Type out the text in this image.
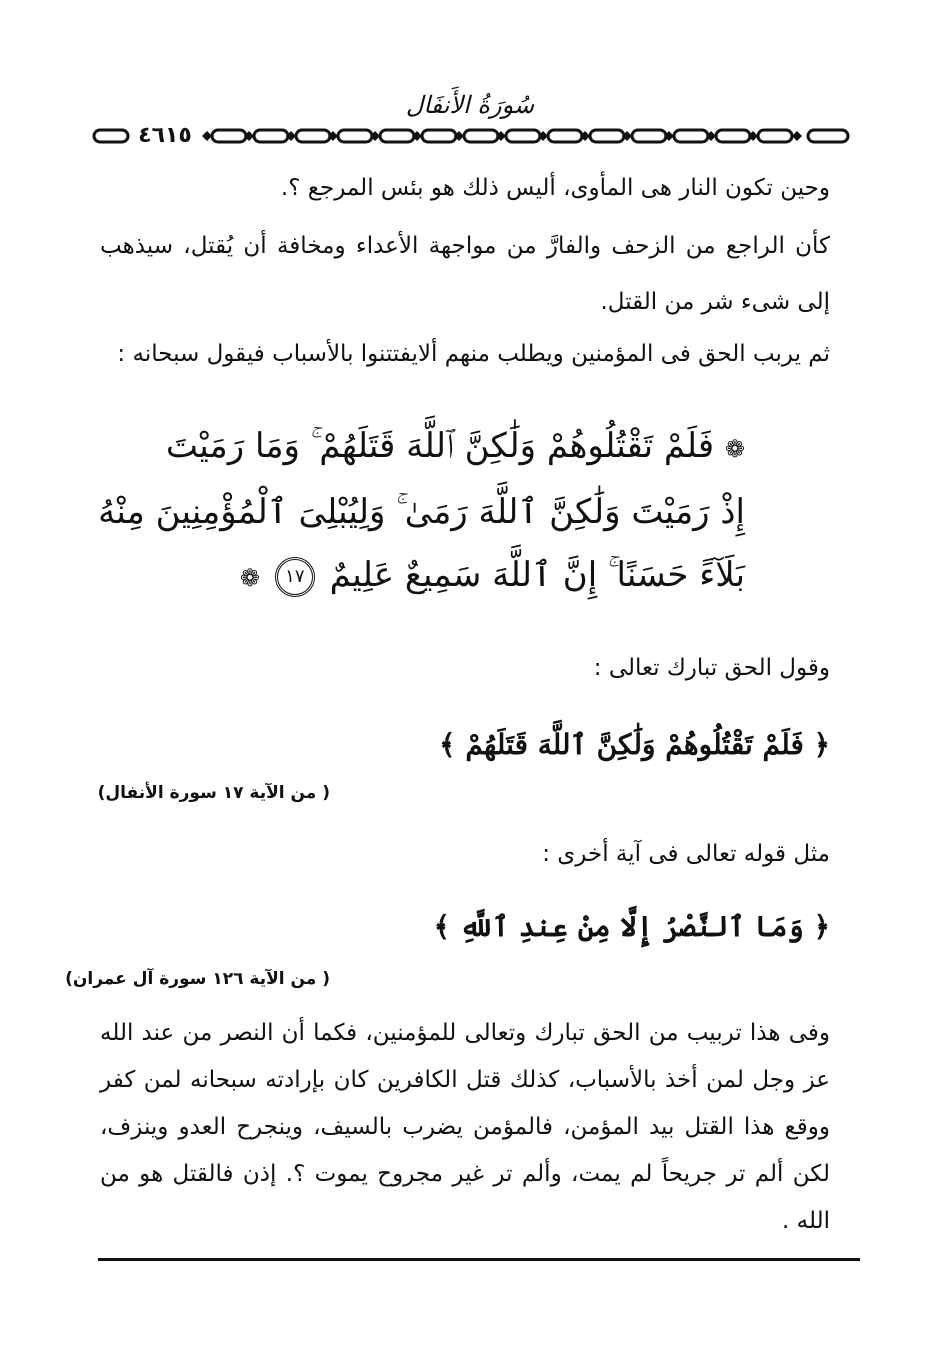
سُورَةُ الأَنفَال
٤٦١٥
وحين تكون النار هى المأوى، أليس ذلك هو بئس المرجع ؟.
كأن الراجع من الزحف والفارَّ من مواجهة الأعداء ومخافة أن يُقتل، سيذهب إلى شىء شر من القتل.
ثم يربب الحق فى المؤمنين ويطلب منهم ألايفتتنوا بالأسباب فيقول سبحانه :
❁ فَلَمْ تَقْتُلُوهُمْ وَلَٰكِنَّ ٱللَّهَ قَتَلَهُمْ ۚ وَمَا رَمَيْتَ
إِذْ رَمَيْتَ وَلَٰكِنَّ ٱللَّهَ رَمَىٰ ۚ وَلِيُبْلِىَ ٱلْمُؤْمِنِينَ مِنْهُ
بَلَآءً حَسَنًا ۚ إِنَّ ٱللَّهَ سَمِيعٌ عَلِيمٌ ١٧ ❁
وقول الحق تبارك تعالى :
﴿ فَلَمْ تَقْتُلُوهُمْ وَلَٰكِنَّ ٱللَّهَ قَتَلَهُمْ ﴾
( من الآية ١٧ سورة الأنفال)
مثل قوله تعالى فى آية أخرى :
﴿ وَمَا ٱلنَّصْرُ إِلَّا مِنْ عِندِ ٱللَّهِ ﴾
( من الآية ١٢٦ سورة آل عمران)
وفى هذا تربيب من الحق تبارك وتعالى للمؤمنين، فكما أن النصر من عند الله عز وجل لمن أخذ بالأسباب، كذلك قتل الكافرين كان بإرادته سبحانه لمن كفر ووقع هذا القتل بيد المؤمن، فالمؤمن يضرب بالسيف، وينجرح العدو وينزف، لكن ألم تر جريحاً لم يمت، وألم تر غير مجروح يموت ؟. إذن فالقتل هو من الله .
